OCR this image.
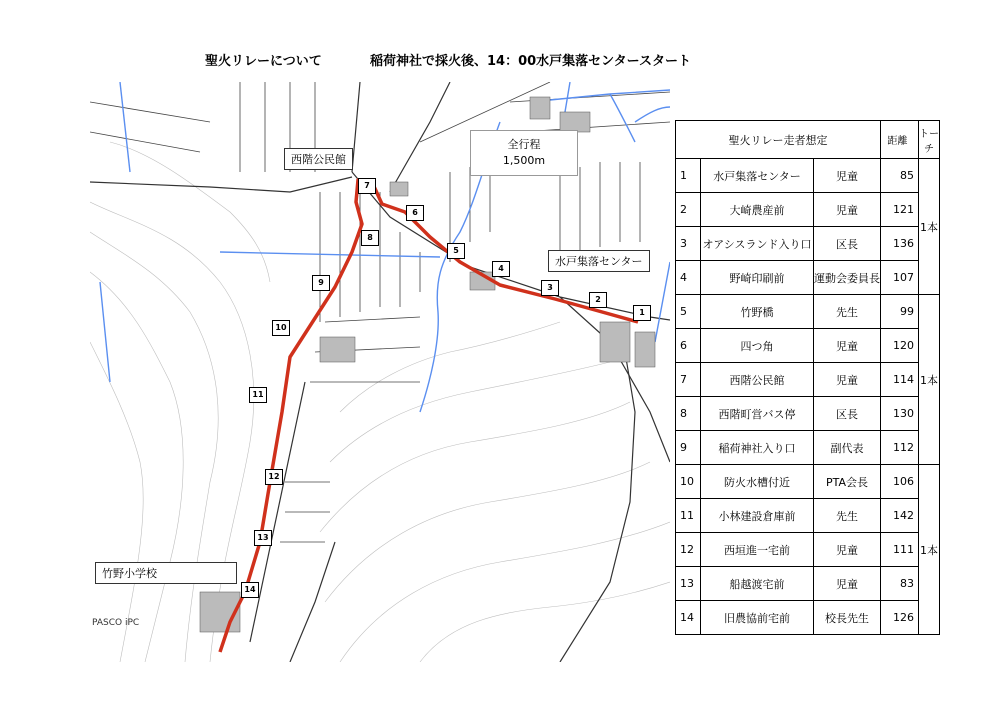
聖火リレーについて	稲荷神社で採火後、14：00水戸集落センタースタート
西階公民館
全行程
1,500m
水戸集落センター
竹野小学校
PASCO iPC
1
2
3
4
5
6
7
8
9
10
11
12
13
14
聖火リレー走者想定			距離	トーチ
1	水戸集落センター	児童	85	1本
2	大崎農産前	児童	121	
3	オアシスランド入り口	区長	136	
4	野崎印刷前	運動会委員長	107	
5	竹野橋	先生	99	1本
6	四つ角	児童	120	
7	西階公民館	児童	114	
8	西階町営バス停	区長	130	
9	稲荷神社入り口	副代表	112	
10	防火水槽付近	PTA会長	106	1本
11	小林建設倉庫前	先生	142	
12	西垣進一宅前	児童	111	
13	船越渡宅前	児童	83	
14	旧農協前宅前	校長先生	126	
